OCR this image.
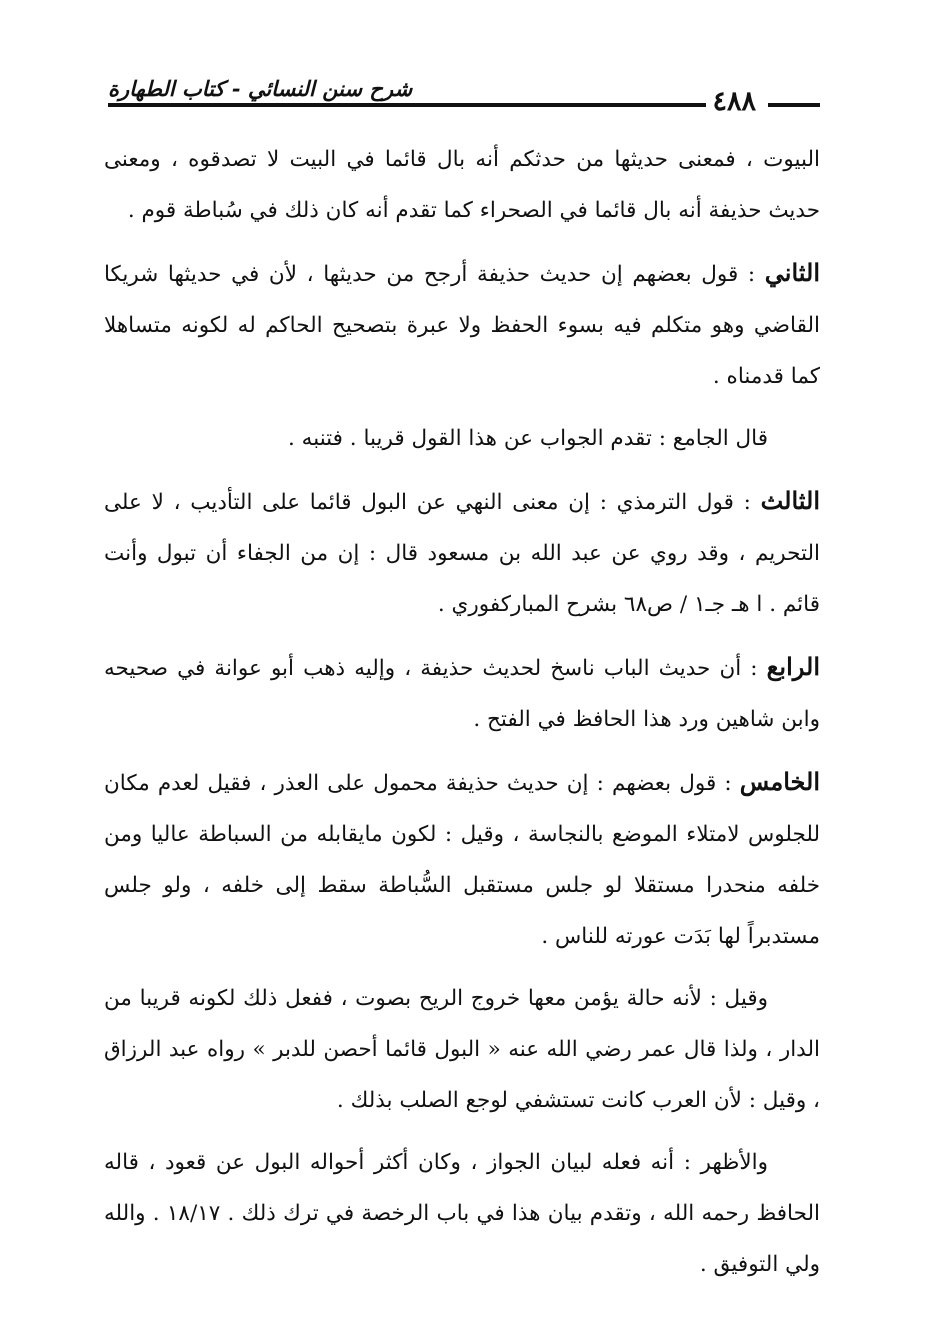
شرح سنن النسائي - كتاب الطهارة	٤٨٨

البيوت ، فمعنى حديثها من حدثكم أنه بال قائما في البيت لا تصدقوه ، ومعنى حديث حذيفة أنه بال قائما في الصحراء كما تقدم أنه كان ذلك في سُباطة قوم .

الثاني : قول بعضهم إن حديث حذيفة أرجح من حديثها ، لأن في حديثها شريكا القاضي وهو متكلم فيه بسوء الحفظ ولا عبرة بتصحيح الحاكم له لكونه متساهلا كما قدمناه .

قال الجامع : تقدم الجواب عن هذا القول قريبا . فتنبه .

الثالث : قول الترمذي : إن معنى النهي عن البول قائما على التأديب ، لا على التحريم ، وقد روي عن عبد الله بن مسعود قال : إن من الجفاء أن تبول وأنت قائم . ا هـ جـ١ / ص٦٨ بشرح المباركفوري .

الرابع : أن حديث الباب ناسخ لحديث حذيفة ، وإليه ذهب أبو عوانة في صحيحه وابن شاهين ورد هذا الحافظ في الفتح .

الخامس : قول بعضهم : إن حديث حذيفة محمول على العذر ، فقيل لعدم مكان للجلوس لامتلاء الموضع بالنجاسة ، وقيل : لكون مايقابله من السباطة عاليا ومن خلفه منحدرا مستقلا لو جلس مستقبل السُّباطة سقط إلى خلفه ، ولو جلس مستدبراً لها بَدَت عورته للناس .

وقيل : لأنه حالة يؤمن معها خروج الريح بصوت ، ففعل ذلك لكونه قريبا من الدار ، ولذا قال عمر رضي الله عنه « البول قائما أحصن للدبر » رواه عبد الرزاق ، وقيل : لأن العرب كانت تستشفي لوجع الصلب بذلك .

والأظهر : أنه فعله لبيان الجواز ، وكان أكثر أحواله البول عن قعود ، قاله الحافظ رحمه الله ، وتقدم بيان هذا في باب الرخصة في ترك ذلك . ١٨/١٧ . والله ولي التوفيق .
